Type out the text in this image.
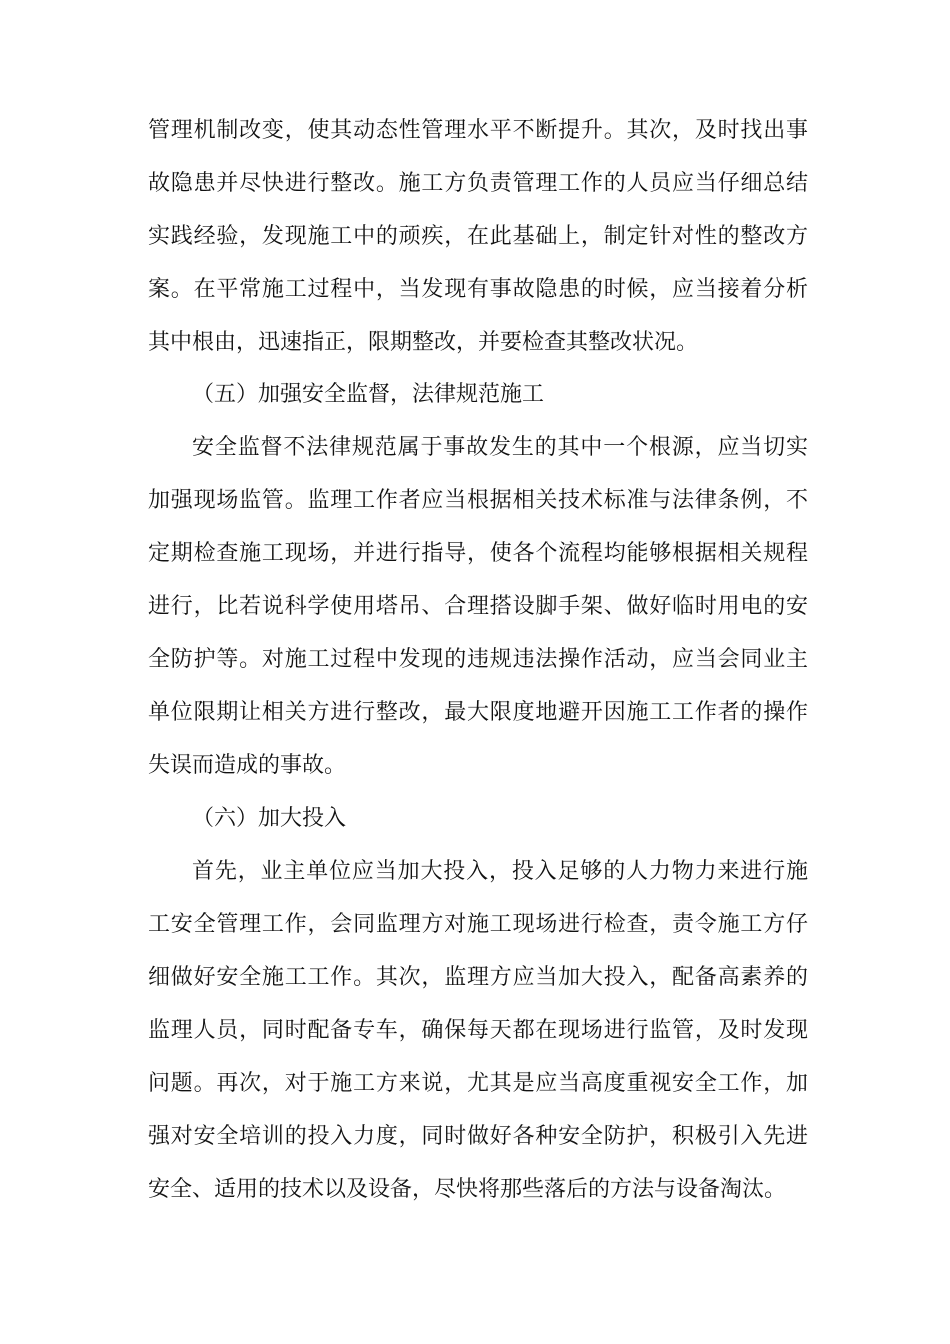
管理机制改变，使其动态性管理水平不断提升。其次，及时找出事
故隐患并尽快进行整改。施工方负责管理工作的人员应当仔细总结
实践经验，发现施工中的顽疾，在此基础上，制定针对性的整改方
案。在平常施工过程中，当发现有事故隐患的时候，应当接着分析
其中根由，迅速指正，限期整改，并要检查其整改状况。
（五）加强安全监督，法律规范施工
安全监督不法律规范属于事故发生的其中一个根源，应当切实
加强现场监管。监理工作者应当根据相关技术标准与法律条例，不
定期检查施工现场，并进行指导，使各个流程均能够根据相关规程
进行，比若说科学使用塔吊、合理搭设脚手架、做好临时用电的安
全防护等。对施工过程中发现的违规违法操作活动，应当会同业主
单位限期让相关方进行整改，最大限度地避开因施工工作者的操作
失误而造成的事故。
（六）加大投入
首先，业主单位应当加大投入，投入足够的人力物力来进行施
工安全管理工作，会同监理方对施工现场进行检查，责令施工方仔
细做好安全施工工作。其次，监理方应当加大投入，配备高素养的
监理人员，同时配备专车，确保每天都在现场进行监管，及时发现
问题。再次，对于施工方来说，尤其是应当高度重视安全工作，加
强对安全培训的投入力度，同时做好各种安全防护，积极引入先进
安全、适用的技术以及设备，尽快将那些落后的方法与设备淘汰。
